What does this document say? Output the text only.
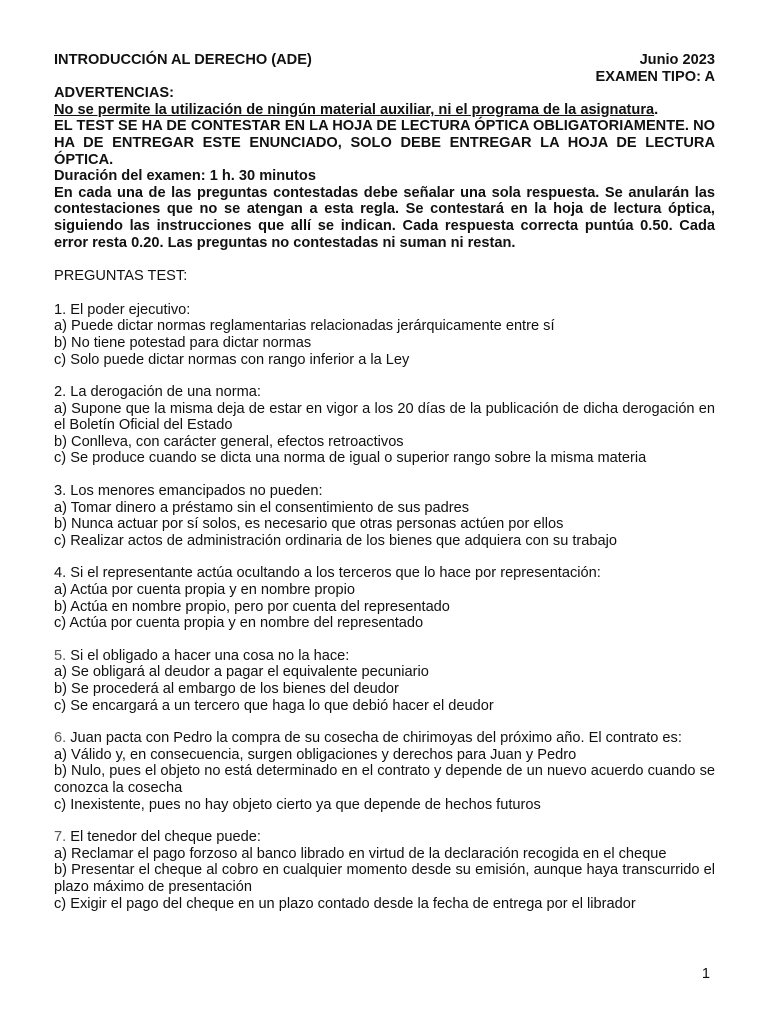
INTRODUCCIÓN AL DERECHO (ADE)	Junio 2023
EXAMEN TIPO: A
ADVERTENCIAS:
No se permite la utilización de ningún material auxiliar, ni el programa de la asignatura.
EL TEST SE HA DE CONTESTAR EN LA HOJA DE LECTURA ÓPTICA OBLIGATORIAMENTE. NO HA DE ENTREGAR ESTE ENUNCIADO, SOLO DEBE ENTREGAR LA HOJA DE LECTURA ÓPTICA.
Duración del examen: 1 h. 30 minutos
En cada una de las preguntas contestadas debe señalar una sola respuesta. Se anularán las contestaciones que no se atengan a esta regla. Se contestará en la hoja de lectura óptica, siguiendo las instrucciones que allí se indican. Cada respuesta correcta puntúa 0.50. Cada error resta 0.20. Las preguntas no contestadas ni suman ni restan.
PREGUNTAS TEST:
1. El poder ejecutivo:
a) Puede dictar normas reglamentarias relacionadas jerárquicamente entre sí
b) No tiene potestad para dictar normas
c) Solo puede dictar normas con rango inferior a la Ley
2. La derogación de una norma:
a) Supone que la misma deja de estar en vigor a los 20 días de la publicación de dicha derogación en el Boletín Oficial del Estado
b) Conlleva, con carácter general, efectos retroactivos
c) Se produce cuando se dicta una norma de igual o superior rango sobre la misma materia
3. Los menores emancipados no pueden:
a) Tomar dinero a préstamo sin el consentimiento de sus padres
b) Nunca actuar por sí solos, es necesario que otras personas actúen por ellos
c) Realizar actos de administración ordinaria de los bienes que adquiera con su trabajo
4. Si el representante actúa ocultando a los terceros que lo hace por representación:
a) Actúa por cuenta propia y en nombre propio
b) Actúa en nombre propio, pero por cuenta del representado
c) Actúa por cuenta propia y en nombre del representado
5. Si el obligado a hacer una cosa no la hace:
a) Se obligará al deudor a pagar el equivalente pecuniario
b) Se procederá al embargo de los bienes del deudor
c) Se encargará a un tercero que haga lo que debió hacer el deudor
6. Juan pacta con Pedro la compra de su cosecha de chirimoyas del próximo año. El contrato es:
a) Válido y, en consecuencia, surgen obligaciones y derechos para Juan y Pedro
b) Nulo, pues el objeto no está determinado en el contrato y depende de un nuevo acuerdo cuando se conozca la cosecha
c) Inexistente, pues no hay objeto cierto ya que depende de hechos futuros
7. El tenedor del cheque puede:
a) Reclamar el pago forzoso al banco librado en virtud de la declaración recogida en el cheque
b) Presentar el cheque al cobro en cualquier momento desde su emisión, aunque haya transcurrido el plazo máximo de presentación
c) Exigir el pago del cheque en un plazo contado desde la fecha de entrega por el librador
1
